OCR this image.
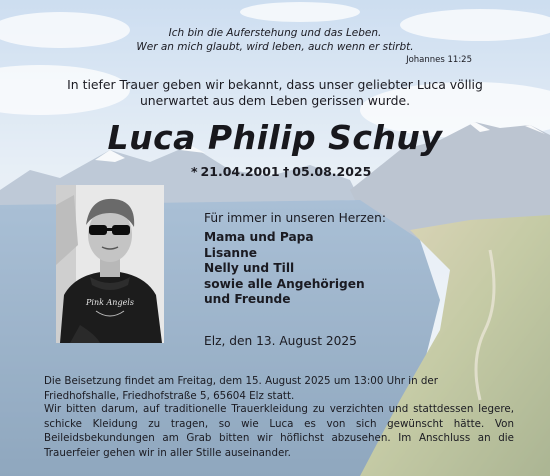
Ich bin die Auferstehung und das Leben.
Wer an mich glaubt, wird leben, auch wenn er stirbt.
Johannes 11:25
In tiefer Trauer geben wir bekannt, dass unser geliebter Luca völlig
unerwartet aus dem Leben gerissen wurde.
Luca Philip Schuy
* 21.04.2001 † 05.08.2025
Pink Angels
Für immer in unseren Herzen:
Mama und Papa
Lisanne
Nelly und Till
sowie alle Angehörigen
und Freunde
Elz, den 13. August 2025
Die Beisetzung findet am Freitag, dem 15. August 2025 um 13:00 Uhr in der Friedhofshalle, Friedhofstraße 5, 65604 Elz statt.
Wir bitten darum, auf traditionelle Trauerkleidung zu verzichten und stattdessen legere, schicke Kleidung zu tragen, so wie Luca es von sich gewünscht hätte. Von Beileidsbekundungen am Grab bitten wir höflichst abzusehen. Im Anschluss an die Trauerfeier gehen wir in aller Stille auseinander.
